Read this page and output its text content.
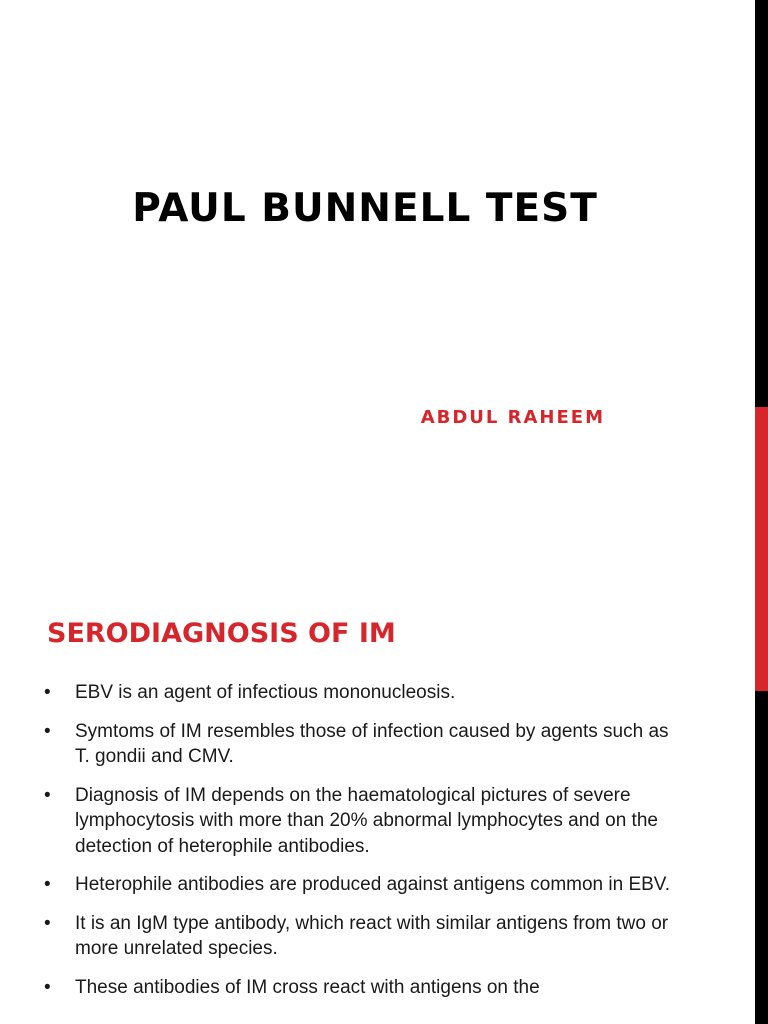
PAUL BUNNELL TEST
ABDUL RAHEEM
SERODIAGNOSIS OF IM
• EBV is an agent of infectious mononucleosis.
• Symtoms of IM resembles those of infection caused by agents such as T. gondii and CMV.
• Diagnosis of IM depends on the haematological pictures of severe lymphocytosis with more than 20% abnormal lymphocytes and on the detection of heterophile antibodies.
• Heterophile antibodies are produced against antigens common in EBV.
• It is an IgM type antibody, which react with similar antigens from two or more unrelated species.
• These antibodies of IM cross react with antigens on the
